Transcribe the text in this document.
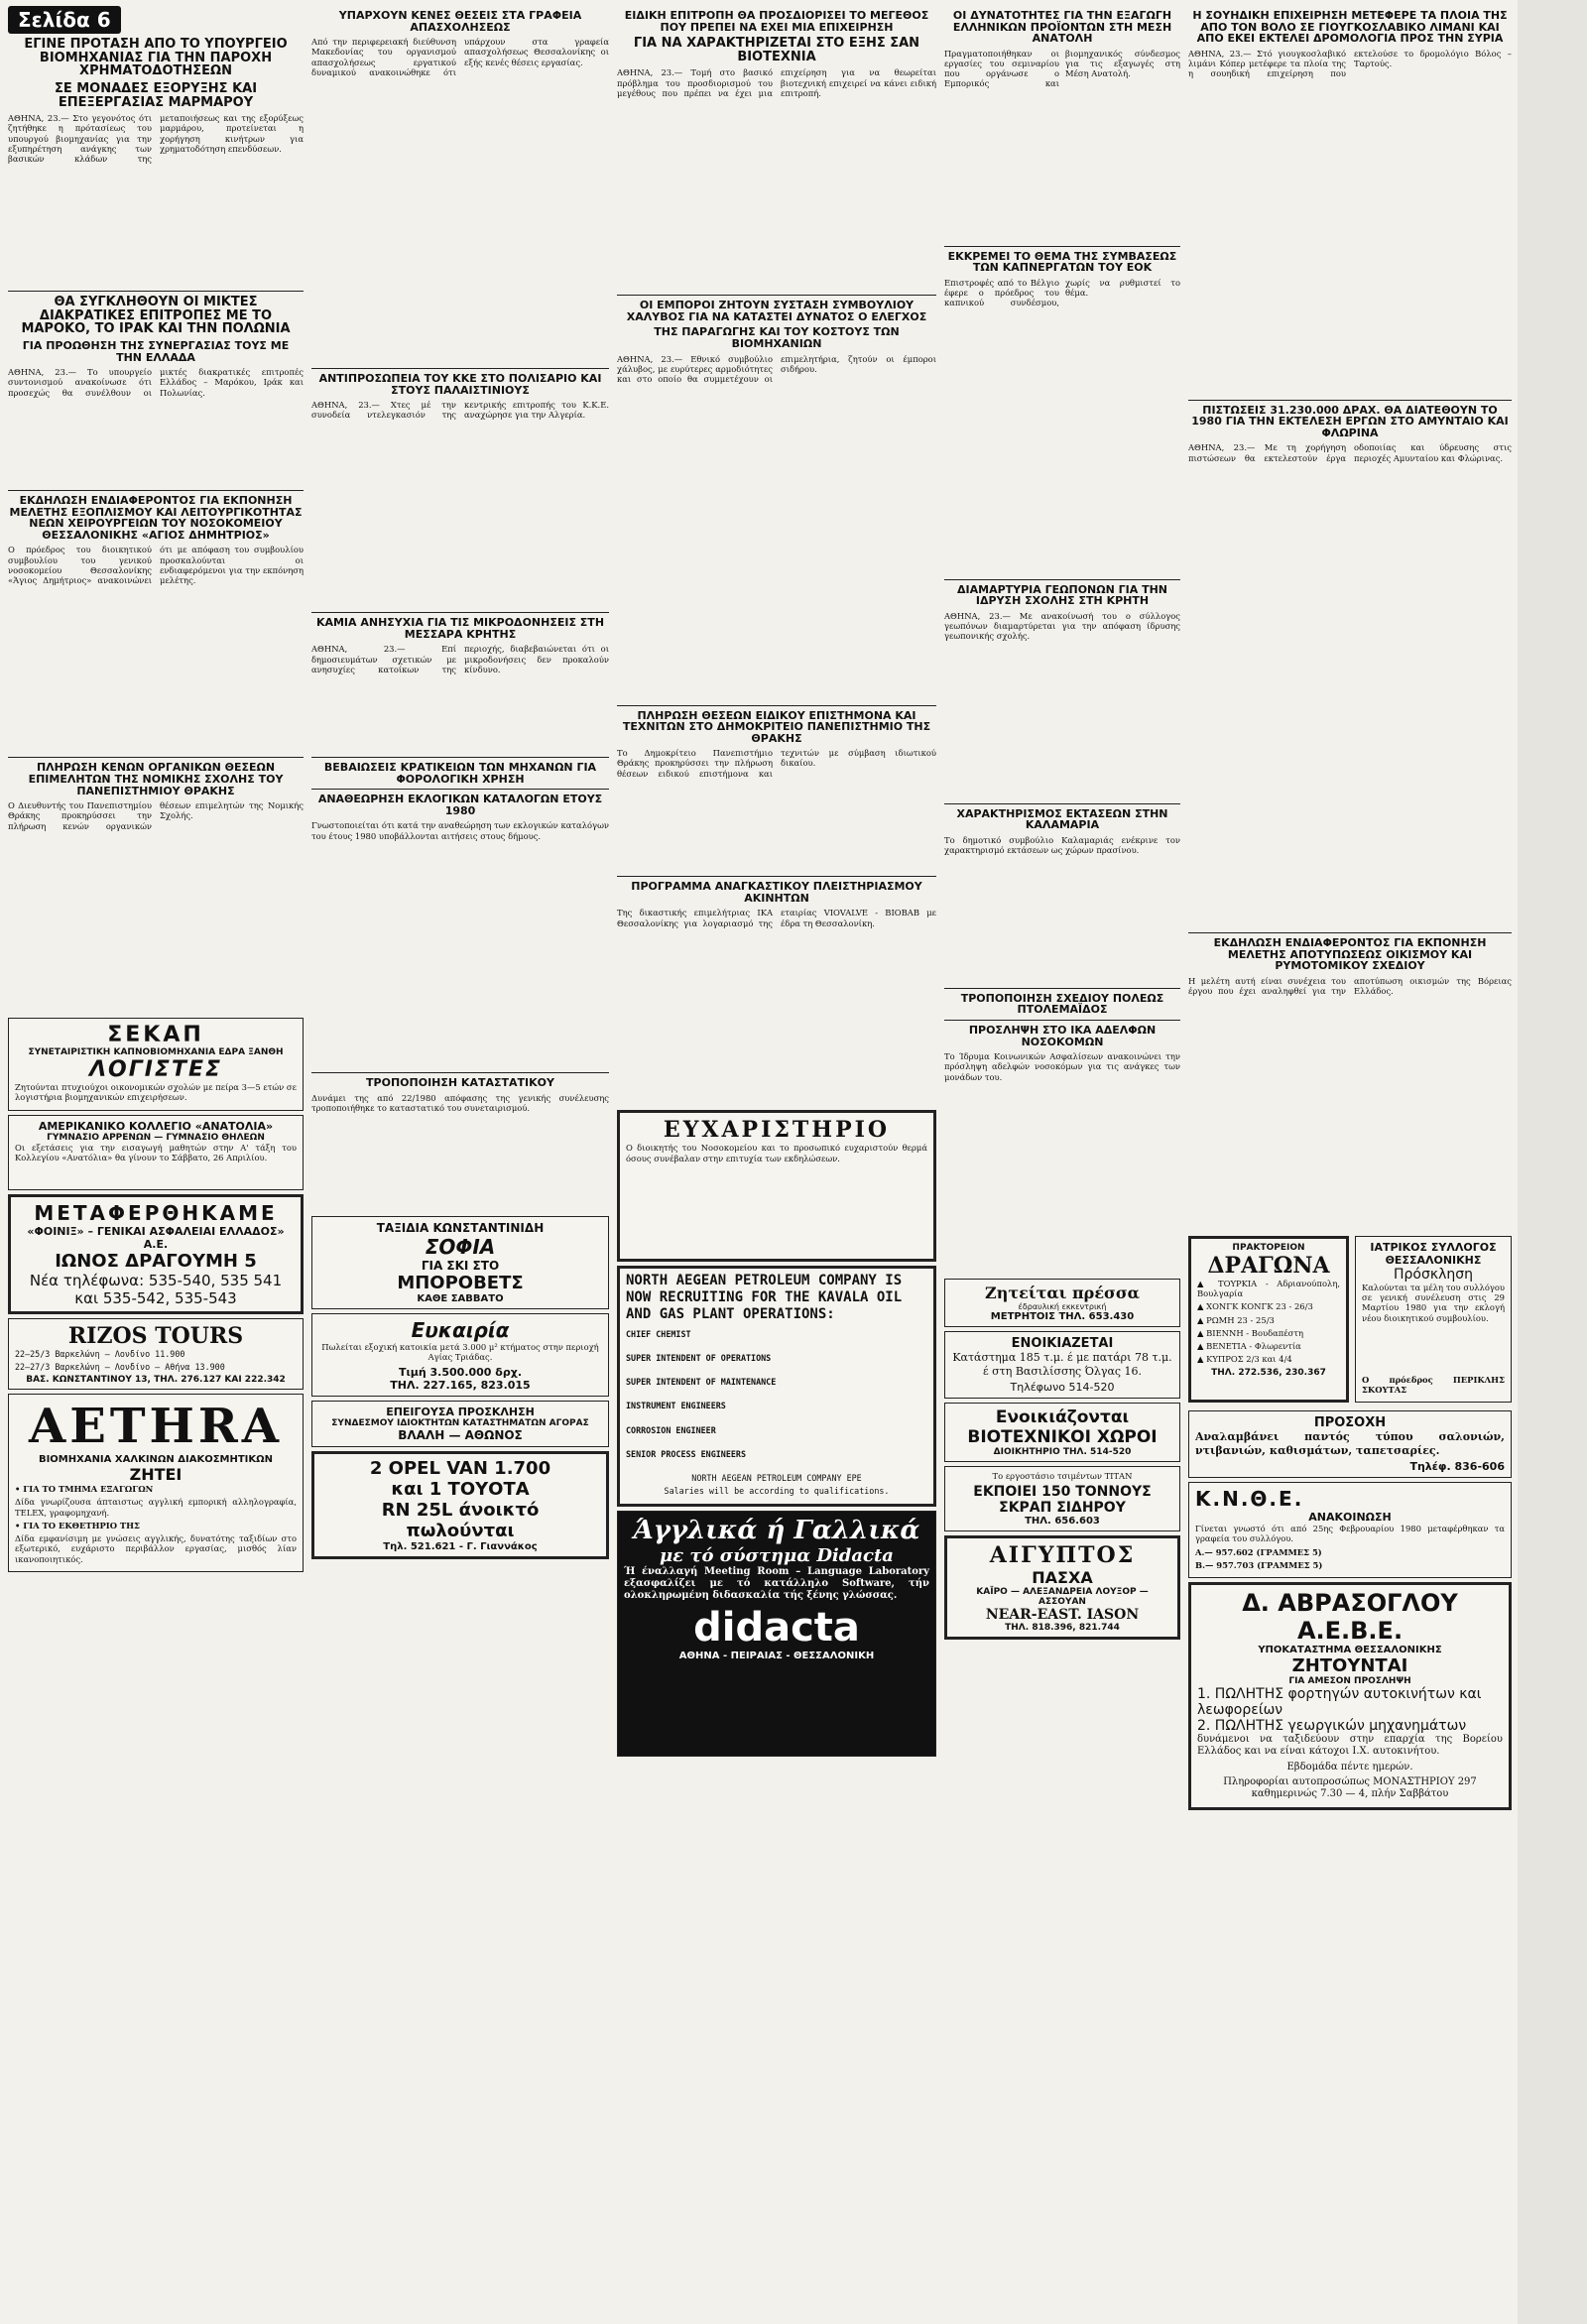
Σελίδα 6
ΕΓΙΝΕ ΠΡΟΤΑΣΗ ΑΠΟ ΤΟ ΥΠΟΥΡΓΕΙΟ ΒΙΟΜΗΧΑΝΙΑΣ ΓΙΑ ΤΗΝ ΠΑΡΟΧΗ ΧΡΗΜΑΤΟΔΟΤΗΣΕΩΝ
ΣΕ ΜΟΝΑΔΕΣ ΕΞΟΡΥΞΗΣ ΚΑΙ ΕΠΕΞΕΡΓΑΣΙΑΣ ΜΑΡΜΑΡΟΥ

ΑΘΗΝΑ, 23.— Στο γεγονότος ότι ζητήθηκε η πρότασίεως του υπουργού βιομηχανίας για την εξυπηρέτηση ανάγκης των βασικών κλάδων της μεταποιήσεως και της εξορύξεως μαρμάρου, προτείνεται η χορήγηση κινήτρων για χρηματοδότηση επενδύσεων.

ΘΑ ΣΥΓΚΛΗΘΟΥΝ ΟΙ ΜΙΚΤΕΣ ΔΙΑΚΡΑΤΙΚΕΣ ΕΠΙΤΡΟΠΕΣ ΜΕ ΤΟ ΜΑΡΟΚΟ, ΤΟ ΙΡΑΚ ΚΑΙ ΤΗΝ ΠΟΛΩΝΙΑ
ΓΙΑ ΠΡΟΩΘΗΣΗ ΤΗΣ ΣΥΝΕΡΓΑΣΙΑΣ ΤΟΥΣ ΜΕ ΤΗΝ ΕΛΛΑΔΑ

ΑΘΗΝΑ, 23.— Το υπουργείο συντονισμού ανακοίνωσε ότι προσεχώς θα συνέλθουν οι μικτές διακρατικές επιτροπές Ελλάδος – Μαρόκου, Ιράκ και Πολωνίας.

ΕΚΔΗΛΩΣΗ ΕΝΔΙΑΦΕΡΟΝΤΟΣ ΓΙΑ ΕΚΠΟΝΗΣΗ ΜΕΛΕΤΗΣ ΕΞΟΠΛΙΣΜΟΥ ΚΑΙ ΛΕΙΤΟΥΡΓΙΚΟΤΗΤΑΣ ΝΕΩΝ ΧΕΙΡΟΥΡΓΕΙΩΝ ΤΟΥ ΝΟΣΟΚΟΜΕΙΟΥ ΘΕΣΣΑΛΟΝΙΚΗΣ «ΑΓΙΟΣ ΔΗΜΗΤΡΙΟΣ»

Ο πρόεδρος του διοικητικού συμβουλίου του γενικού νοσοκομείου Θεσσαλονίκης «Άγιος Δημήτριος» ανακοινώνει ότι με απόφαση του συμβουλίου προσκαλούνται οι ενδιαφερόμενοι για την εκπόνηση μελέτης.

ΠΛΗΡΩΣΗ ΚΕΝΩΝ ΟΡΓΑΝΙΚΩΝ ΘΕΣΕΩΝ ΕΠΙΜΕΛΗΤΩΝ ΤΗΣ ΝΟΜΙΚΗΣ ΣΧΟΛΗΣ ΤΟΥ ΠΑΝΕΠΙΣΤΗΜΙΟΥ ΘΡΑΚΗΣ

Ο Διευθυντής του Πανεπιστημίου Θράκης προκηρύσσει την πλήρωση κενών οργανικών θέσεων επιμελητών της Νομικής Σχολής.

ΣΕΚΑΠ
ΣΥΝΕΤΑΙΡΙΣΤΙΚΗ ΚΑΠΝΟΒΙΟΜΗΧΑΝΙΑ ΕΔΡΑ ΞΑΝΘΗ
ΛΟΓΙΣΤΕΣ

Ζητούνται πτυχιούχοι οικονομικών σχολών με πείρα 3—5 ετών σε λογιστήρια βιομηχανικών επιχειρήσεων.

ΑΜΕΡΙΚΑΝΙΚΟ ΚΟΛΛΕΓΙΟ «ΑΝΑΤΟΛΙΑ»
ΓΥΜΝΑΣΙΟ ΑΡΡΕΝΩΝ — ΓΥΜΝΑΣΙΟ ΘΗΛΕΩΝ

Οι εξετάσεις για την εισαγωγή μαθητών στην Α' τάξη του Κολλεγίου «Ανατόλια» θα γίνουν το Σάββατο, 26 Απριλίου.

ΜΕΤΑΦΕΡΘΗΚΑΜΕ
«ΦΟΙΝΙΞ» – ΓΕΝΙΚΑΙ ΑΣΦΑΛΕΙΑΙ ΕΛΛΑΔΟΣ» Α.Ε.
ΙΩΝΟΣ ΔΡΑΓΟΥΜΗ 5
Νέα τηλέφωνα: 535-540, 535 541
και 535-542, 535-543
RIZOS TOURS
22—25/3 Βαρκελώνη — Λονδίνο 11.900
22—27/3 Βαρκελώνη — Λονδίνο — Αθήνα 13.900
ΒΑΣ. ΚΩΝΣΤΑΝΤΙΝΟΥ 13, ΤΗΛ. 276.127 ΚΑΙ 222.342
AETHRA
ΒΙΟΜΗΧΑΝΙΑ ΧΑΛΚΙΝΩΝ ΔΙΑΚΟΣΜΗΤΙΚΩΝ
ΖΗΤΕΙ
• ΓΙΑ ΤΟ ΤΜΗΜΑ ΕΞΑΓΩΓΩΝ

Δίδα γνωρίζουσα άπταιστως αγγλική εμπορική αλληλογραφία, TELEX, γραφομηχανή.

• ΓΙΑ ΤΟ ΕΚΘΕΤΗΡΙΟ ΤΗΣ

Δίδα εμφανίσιμη με γνώσεις αγγλικής, δυνατότης ταξιδίων στο εξωτερικό, ευχάριστο περιβάλλον εργασίας, μισθός λίαν ικανοποιητικός.

ΥΠΑΡΧΟΥΝ ΚΕΝΕΣ ΘΕΣΕΙΣ ΣΤΑ ΓΡΑΦΕΙΑ ΑΠΑΣΧΟΛΗΣΕΩΣ

Από την περιφερειακή διεύθυνση Μακεδονίας του οργανισμού απασχολήσεως εργατικού δυναμικού ανακοινώθηκε ότι υπάρχουν στα γραφεία απασχολήσεως Θεσσαλονίκης οι εξής κενές θέσεις εργασίας.

ΑΝΤΙΠΡΟΣΩΠΕΙΑ ΤΟΥ ΚΚΕ ΣΤΟ ΠΟΛΙΣΑΡΙΟ ΚΑΙ ΣΤΟΥΣ ΠΑΛΑΙΣΤΙΝΙΟΥΣ

ΑΘΗΝΑ, 23.— Χτες μέ την συνοδεία ντελεγκασιόν της κεντρικής επιτροπής του Κ.Κ.Ε. αναχώρησε για την Αλγερία.

ΚΑΜΙΑ ΑΝΗΣΥΧΙΑ ΓΙΑ ΤΙΣ ΜΙΚΡΟΔΟΝΗΣΕΙΣ ΣΤΗ ΜΕΣΣΑΡΑ ΚΡΗΤΗΣ

ΑΘΗΝΑ, 23.— Επί δημοσιευμάτων σχετικών με ανησυχίες κατοίκων της περιοχής, διαβεβαιώνεται ότι οι μικροδονήσεις δεν προκαλούν κίνδυνο.

ΒΕΒΑΙΩΣΕΙΣ ΚΡΑΤΙΚΕΙΩΝ ΤΩΝ ΜΗΧΑΝΩΝ ΓΙΑ ΦΟΡΟΛΟΓΙΚΗ ΧΡΗΣΗ
ΑΝΑΘΕΩΡΗΣΗ ΕΚΛΟΓΙΚΩΝ ΚΑΤΑΛΟΓΩΝ ΕΤΟΥΣ 1980

Γνωστοποιείται ότι κατά την αναθεώρηση των εκλογικών καταλόγων του έτους 1980 υποβάλλονται αιτήσεις στους δήμους.

ΤΡΟΠΟΠΟΙΗΣΗ ΚΑΤΑΣΤΑΤΙΚΟΥ

Δυνάμει της από 22/1980 απόφασης της γενικής συνέλευσης τροποποιήθηκε το καταστατικό του συνεταιρισμού.

ΤΑΞΙΔΙΑ ΚΩΝΣΤΑΝΤΙΝΙΔΗ
ΣΟΦΙΑ
ΓΙΑ ΣΚΙ ΣΤΟ
ΜΠΟΡΟΒΕΤΣ
ΚΑΘΕ ΣΑΒΒΑΤΟ
Ευκαιρία

Πωλείται εξοχική κατοικία μετά 3.000 μ² κτήματος στην περιοχή Αγίας Τριάδας.

Τιμή 3.500.000 δρχ.
ΤΗΛ. 227.165, 823.015
ΕΠΕΙΓΟΥΣΑ ΠΡΟΣΚΛΗΣΗ
ΣΥΝΔΕΣΜΟΥ ΙΔΙΟΚΤΗΤΩΝ ΚΑΤΑΣΤΗΜΑΤΩΝ ΑΓΟΡΑΣ
ΒΛΑΛΗ — ΑΘΩΝΟΣ
2 OPEL VAN 1.700
και 1 ΤΟΥΟΤΑ
RN 25L άνοικτό
πωλούνται
Τηλ. 521.621 - Γ. Γιαννάκος
ΕΙΔΙΚΗ ΕΠΙΤΡΟΠΗ ΘΑ ΠΡΟΣΔΙΟΡΙΣΕΙ ΤΟ ΜΕΓΕΘΟΣ ΠΟΥ ΠΡΕΠΕΙ ΝΑ ΕΧΕΙ ΜΙΑ ΕΠΙΧΕΙΡΗΣΗ
ΓΙΑ ΝΑ ΧΑΡΑΚΤΗΡΙΖΕΤΑΙ ΣΤΟ ΕΞΗΣ ΣΑΝ ΒΙΟΤΕΧΝΙΑ

ΑΘΗΝΑ, 23.— Τομή στο βασικό πρόβλημα του προσδιορισμού του μεγέθους που πρέπει να έχει μια επιχείρηση για να θεωρείται βιοτεχνική επιχειρεί να κάνει ειδική επιτροπή.

ΟΙ ΕΜΠΟΡΟΙ ΖΗΤΟΥΝ ΣΥΣΤΑΣΗ ΣΥΜΒΟΥΛΙΟΥ ΧΑΛΥΒΟΣ ΓΙΑ ΝΑ ΚΑΤΑΣΤΕΙ ΔΥΝΑΤΟΣ Ο ΕΛΕΓΧΟΣ
ΤΗΣ ΠΑΡΑΓΩΓΗΣ ΚΑΙ ΤΟΥ ΚΟΣΤΟΥΣ ΤΩΝ ΒΙΟΜΗΧΑΝΙΩΝ

ΑΘΗΝΑ, 23.— Εθνικό συμβούλιο χάλυβος, με ευρύτερες αρμοδιότητες και στο οποίο θα συμμετέχουν οι επιμελητήρια, ζητούν οι έμποροι σιδήρου.

ΠΛΗΡΩΣΗ ΘΕΣΕΩΝ ΕΙΔΙΚΟΥ ΕΠΙΣΤΗΜΟΝΑ ΚΑΙ ΤΕΧΝΙΤΩΝ ΣΤΟ ΔΗΜΟΚΡΙΤΕΙΟ ΠΑΝΕΠΙΣΤΗΜΙΟ ΤΗΣ ΘΡΑΚΗΣ

Το Δημοκρίτειο Πανεπιστήμιο Θράκης προκηρύσσει την πλήρωση θέσεων ειδικού επιστήμονα και τεχνιτών με σύμβαση ιδιωτικού δικαίου.

ΠΡΟΓΡΑΜΜΑ ΑΝΑΓΚΑΣΤΙΚΟΥ ΠΛΕΙΣΤΗΡΙΑΣΜΟΥ ΑΚΙΝΗΤΩΝ

Της δικαστικής επιμελήτριας ΙΚΑ Θεσσαλονίκης για λογαριασμό της εταιρίας VIOVALVE - BIOBAB με έδρα τη Θεσσαλονίκη.

ΕΥΧΑΡΙΣΤΗΡΙΟ

Ο διοικητής του Νοσοκομείου και το προσωπικό ευχαριστούν θερμά όσους συνέβαλαν στην επιτυχία των εκδηλώσεων.

NORTH AEGEAN PETROLEUM COMPANY IS NOW RECRUITING FOR THE KAVALA OIL AND GAS PLANT OPERATIONS:
CHIEF CHEMIST
SUPER INTENDENT OF OPERATIONS
SUPER INTENDENT OF MAINTENANCE
INSTRUMENT ENGINEERS
CORROSION ENGINEER
SENIOR PROCESS ENGINEERS
NORTH AEGEAN PETROLEUM COMPANY EPE
Salaries will be according to qualifications.
Άγγλικά ή Γαλλικά
με τό σύστημα Didacta

Ή έναλλαγή Meeting Room – Language Laboratory εξασφαλίζει με τό κατάλληλο Software, τήν ολοκληρωμένη διδασκαλία τής ξένης γλώσσας.

didacta
ΑΘΗΝΑ - ΠΕΙΡΑΙΑΣ - ΘΕΣΣΑΛΟΝΙΚΗ
ΟΙ ΔΥΝΑΤΟΤΗΤΕΣ ΓΙΑ ΤΗΝ ΕΞΑΓΩΓΗ ΕΛΛΗΝΙΚΩΝ ΠΡΟΪΟΝΤΩΝ ΣΤΗ ΜΕΣΗ ΑΝΑΤΟΛΗ

Πραγματοποιήθηκαν οι εργασίες του σεμιναρίου που οργάνωσε ο Εμπορικός και βιομηχανικός σύνδεσμος για τις εξαγωγές στη Μέση Ανατολή.

ΕΚΚΡΕΜΕΙ ΤΟ ΘΕΜΑ ΤΗΣ ΣΥΜΒΑΣΕΩΣ ΤΩΝ ΚΑΠΝΕΡΓΑΤΩΝ ΤΟΥ ΕΟΚ

Επιστροφές από το Βέλγιο έφερε ο πρόεδρος του καπνικού συνδέσμου, χωρίς να ρυθμιστεί το θέμα.

ΔΙΑΜΑΡΤΥΡΙΑ ΓΕΩΠΟΝΩΝ ΓΙΑ ΤΗΝ ΙΔΡΥΣΗ ΣΧΟΛΗΣ ΣΤΗ ΚΡΗΤΗ

ΑΘΗΝΑ, 23.— Με ανακοίνωσή του ο σύλλογος γεωπόνων διαμαρτύρεται για την απόφαση ίδρυσης γεωπονικής σχολής.

ΧΑΡΑΚΤΗΡΙΣΜΟΣ ΕΚΤΑΣΕΩΝ ΣΤΗΝ ΚΑΛΑΜΑΡΙΑ

Το δημοτικό συμβούλιο Καλαμαριάς ενέκρινε τον χαρακτηρισμό εκτάσεων ως χώρων πρασίνου.

ΤΡΟΠΟΠΟΙΗΣΗ ΣΧΕΔΙΟΥ ΠΟΛΕΩΣ ΠΤΟΛΕΜΑΪΔΟΣ
ΠΡΟΣΛΗΨΗ ΣΤΟ ΙΚΑ ΑΔΕΛΦΩΝ ΝΟΣΟΚΟΜΩΝ

Το Ίδρυμα Κοινωνικών Ασφαλίσεων ανακοινώνει την πρόσληψη αδελφών νοσοκόμων για τις ανάγκες των μονάδων του.

Ζητείται πρέσσα
έδραυλική εκκεντρική
ΜΕΤΡΗΤΟΙΣ ΤΗΛ. 653.430
ΕΝΟΙΚΙΑΖΕΤΑΙ

Κατάστημα 185 τ.μ. έ με πατάρι 78 τ.μ. έ στη Βασιλίσσης Όλγας 16.

Τηλέφωνο 514-520
Ενοικιάζονται ΒΙΟΤΕΧΝΙΚΟΙ ΧΩΡΟΙ
ΔΙΟΙΚΗΤΗΡΙΟ ΤΗΛ. 514-520
Το εργοστάσιο τσιμέντων ΤΙΤΑΝ
ΕΚΠΟΙΕΙ 150 ΤΟΝΝΟΥΣ ΣΚΡΑΠ ΣΙΔΗΡΟΥ
ΤΗΛ. 656.603
ΑΙΓΥΠΤΟΣ
ΠΑΣΧΑ
ΚΑΪΡΟ — ΑΛΕΞΑΝΔΡΕΙΑ ΛΟΥΞΟΡ — ΑΣΣΟΥΑΝ
NEAR-EAST. IASON
ΤΗΛ. 818.396, 821.744
Η ΣΟΥΗΔΙΚΗ ΕΠΙΧΕΙΡΗΣΗ ΜΕΤΕΦΕΡΕ ΤΑ ΠΛΟΙΑ ΤΗΣ ΑΠΟ ΤΟΝ ΒΟΛΟ ΣΕ ΓΙΟΥΓΚΟΣΛΑΒΙΚΟ ΛΙΜΑΝΙ ΚΑΙ ΑΠΟ ΕΚΕΙ ΕΚΤΕΛΕΙ ΔΡΟΜΟΛΟΓΙΑ ΠΡΟΣ ΤΗΝ ΣΥΡΙΑ

ΑΘΗΝΑ, 23.— Στό γιουγκοσλαβικό λιμάνι Κόπερ μετέφερε τα πλοία της η σουηδική επιχείρηση που εκτελούσε το δρομολόγιο Βόλος – Ταρτούς.

ΠΙΣΤΩΣΕΙΣ 31.230.000 ΔΡΑΧ. ΘΑ ΔΙΑΤΕΘΟΥΝ ΤΟ 1980 ΓΙΑ ΤΗΝ ΕΚΤΕΛΕΣΗ ΕΡΓΩΝ ΣΤΟ ΑΜΥΝΤΑΙΟ ΚΑΙ ΦΛΩΡΙΝΑ

ΑΘΗΝΑ, 23.— Με τη χορήγηση πιστώσεων θα εκτελεστούν έργα οδοποιίας και ύδρευσης στις περιοχές Αμυνταίου και Φλώρινας.

ΕΚΔΗΛΩΣΗ ΕΝΔΙΑΦΕΡΟΝΤΟΣ ΓΙΑ ΕΚΠΟΝΗΣΗ ΜΕΛΕΤΗΣ ΑΠΟΤΥΠΩΣΕΩΣ ΟΙΚΙΣΜΟΥ ΚΑΙ ΡΥΜΟΤΟΜΙΚΟΥ ΣΧΕΔΙΟΥ

Η μελέτη αυτή είναι συνέχεια του έργου που έχει αναληφθεί για την αποτύπωση οικισμών της Βόρειας Ελλάδος.

ΠΡΑΚΤΟΡΕΙΟΝ
ΔΡΑΓΩΝΑ
▲ ΤΟΥΡΚΙΑ - Αδριανούπολη, Βουλγαρία
▲ ΧΟΝΓΚ ΚΟΝΓΚ 23 - 26/3
▲ ΡΩΜΗ 23 - 25/3
▲ ΒΙΕΝΝΗ - Βουδαπέστη
▲ ΒΕΝΕΤΙΑ - Φλωρεντία
▲ ΚΥΠΡΟΣ 2/3 και 4/4
ΤΗΛ. 272.536, 230.367
ΙΑΤΡΙΚΟΣ ΣΥΛΛΟΓΟΣ ΘΕΣΣΑΛΟΝΙΚΗΣ
Πρόσκληση

Καλούνται τα μέλη του συλλόγου σε γενική συνέλευση στις 29 Μαρτίου 1980 για την εκλογή νέου διοικητικού συμβουλίου.

Ο πρόεδρος ΠΕΡΙΚΛΗΣ ΣΚΟΥΤΑΣ
ΠΡΟΣΟΧΗ

Αναλαμβάνει παντός τύπου σαλονιών, ντιβανιών, καθισμάτων, ταπετσαρίες.

Τηλέφ. 836-606
Κ.Ν.Θ.Ε.
ΑΝΑΚΟΙΝΩΣΗ

Γίνεται γνωστό ότι από 25ης Φεβρουαρίου 1980 μεταφέρθηκαν τα γραφεία του συλλόγου.

Α.— 957.602 (ΓΡΑΜΜΕΣ 5)
Β.— 957.703 (ΓΡΑΜΜΕΣ 5)
Δ. ΑΒΡΑΣΟΓΛΟΥ Α.Ε.Β.Ε.
ΥΠΟΚΑΤΑΣΤΗΜΑ ΘΕΣΣΑΛΟΝΙΚΗΣ
ΖΗΤΟΥΝΤΑΙ
ΓΙΑ ΑΜΕΣΟΝ ΠΡΟΣΛΗΨΗ
1. ΠΩΛΗΤΗΣ φορτηγών αυτοκινήτων και λεωφορείων
2. ΠΩΛΗΤΗΣ γεωργικών μηχανημάτων

δυνάμενοι να ταξιδεύουν στην επαρχία της Βορείου Ελλάδος και να είναι κάτοχοι Ι.Χ. αυτοκινήτου.

Εβδομάδα πέντε ημερών.

Πληροφορίαι αυτοπροσώπως ΜΟΝΑΣΤΗΡΙΟΥ 297 καθημερινώς 7.30 — 4, πλήν Σαββάτου
